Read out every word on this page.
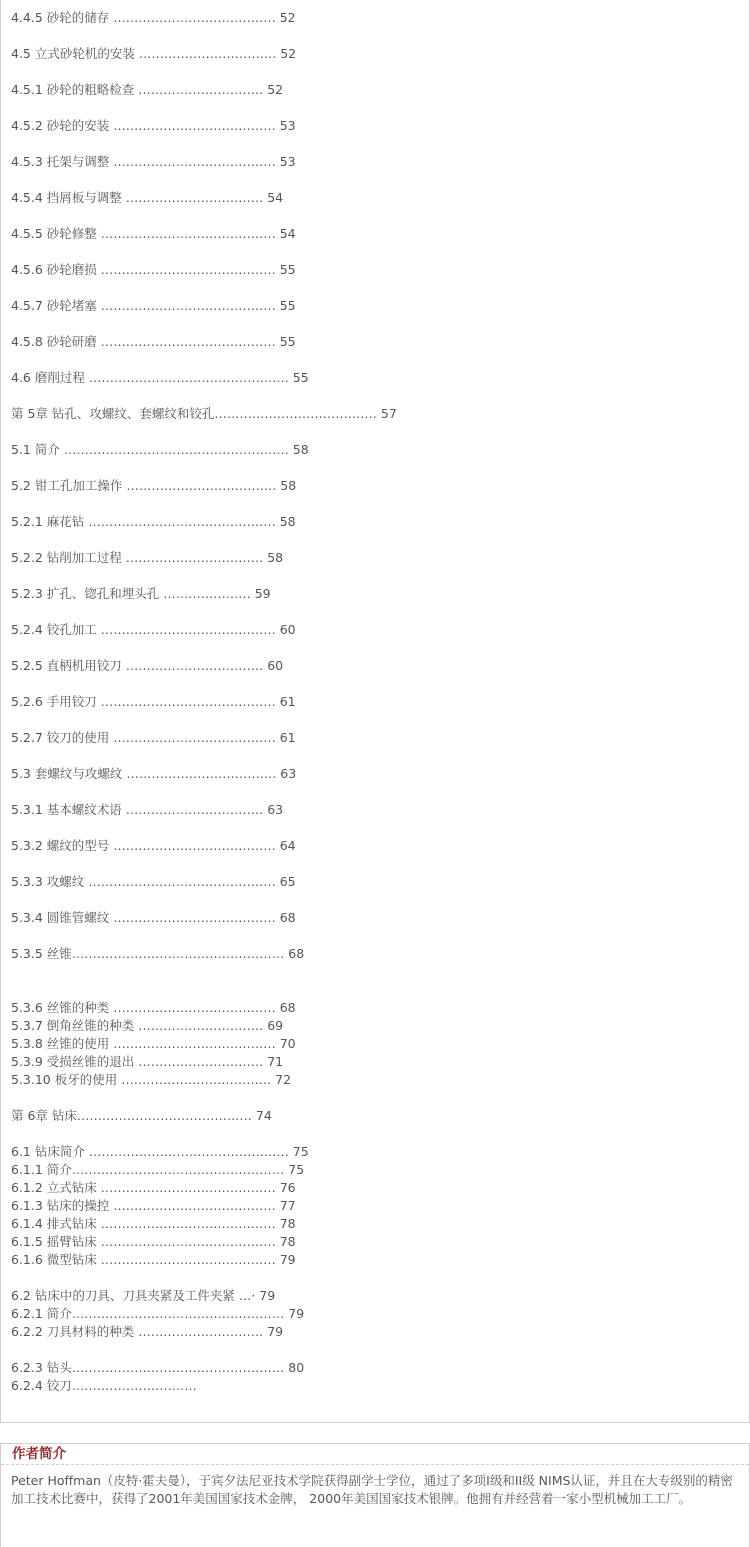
4.4.5 砂轮的储存 ………………………………… 52
4.5 立式砂轮机的安装 …………………………… 52
4.5.1 砂轮的粗略检查 ………………………… 52
4.5.2 砂轮的安装 ………………………………… 53
4.5.3 托架与调整 ………………………………… 53
4.5.4 挡屑板与调整 …………………………… 54
4.5.5 砂轮修整 …………………………………… 54
4.5.6 砂轮磨损 …………………………………… 55
4.5.7 砂轮堵塞 …………………………………… 55
4.5.8 砂轮研磨 …………………………………… 55
4.6 磨削过程 ………………………………………… 55
第 5章 钻孔、攻螺纹、套螺纹和铰孔………………………………… 57
5.1 简介 ……………………………………………… 58
5.2 钳工孔加工操作 ……………………………… 58
5.2.1 麻花钻 ……………………………………… 58
5.2.2 钻削加工过程 …………………………… 58
5.2.3 扩孔、锪孔和埋头孔 ………………… 59
5.2.4 铰孔加工 …………………………………… 60
5.2.5 直柄机用铰刀 …………………………… 60
5.2.6 手用铰刀 …………………………………… 61
5.2.7 铰刀的使用 ………………………………… 61
5.3 套螺纹与攻螺纹 ……………………………… 63
5.3.1 基本螺纹术语 …………………………… 63
5.3.2 螺纹的型号 ………………………………… 64
5.3.3 攻螺纹 ……………………………………… 65
5.3.4 圆锥管螺纹 ………………………………… 68
5.3.5 丝锥…………………………………………… 68
5.3.6 丝锥的种类 ………………………………… 68
5.3.7 倒角丝锥的种类 ………………………… 69
5.3.8 丝锥的使用 ………………………………… 70
5.3.9 受损丝锥的退出 ………………………… 71
5.3.10 板牙的使用 ……………………………… 72
第 6章 钻床…………………………………… 74
6.1 钻床简介 ………………………………………… 75
6.1.1 简介…………………………………………… 75
6.1.2 立式钻床 …………………………………… 76
6.1.3 钻床的操控 ………………………………… 77
6.1.4 排式钻床 …………………………………… 78
6.1.5 摇臂钻床 …………………………………… 78
6.1.6 微型钻床 …………………………………… 79
6.2 钻床中的刀具、刀具夹紧及工件夹紧 …· 79
6.2.1 简介…………………………………………… 79
6.2.2 刀具材料的种类 ………………………… 79
6.2.3 钻头…………………………………………… 80
6.2.4 铰刀…………………………
作者简介
Peter Hoffman（皮特·霍夫曼），于宾夕法尼亚技术学院获得副学士学位，通过了多项I级和II级 NIMS认证，并且在大专级别的精密加工技术比赛中，获得了2001年美国国家技术金牌， 2000年美国国家技术银牌。他拥有并经营着一家小型机械加工工厂。
